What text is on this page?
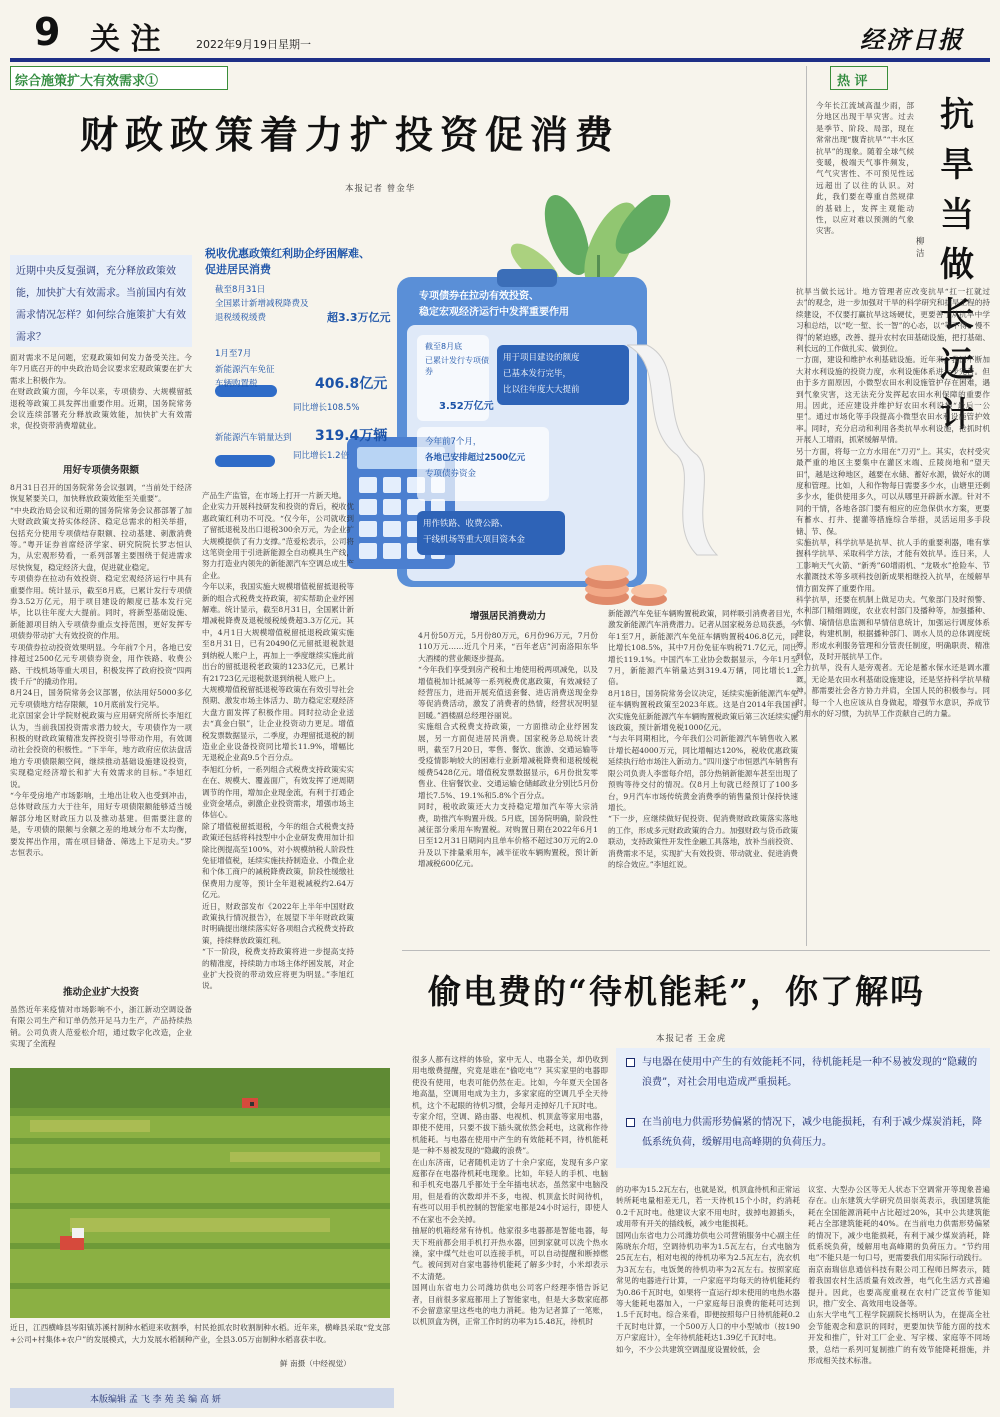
9 关 注	2022年9月19日 星期一	经济日报
综合施策扩大有效需求①
财政政策着力扩投资促消费
本报记者 曾金华
近期中央反复强调，充分释放政策效能，加快扩大有效需求。当前国内有效需求情况怎样？如何综合施策扩大有效需求？
税收优惠政策红利助企纾困解难、
促进居民消费
截至8月31日
全国累计新增减税降费及
退税缓税缓费	超3.3万亿元
1月至7月
新能源汽车免征
车辆购置税	406.8亿元
同比增长108.5%
新能源汽车销量达到 319.4万辆
同比增长1.2倍
专项债券在拉动有效投资、
稳定宏观经济运行中发挥重要作用
截至8月底
已累计发行专项债券
3.52万亿元
用于项目建设的额度
已基本发行完毕，
比以往年度大大提前
今年前7个月，
各地已安排超过2500亿元
专项债券资金
用作铁路、收费公路、
干线机场等重大项目资本金
面对需求不足问题，宏观政策如何发力备受关注。今年7月底召开的中央政治局会议要求宏观政策要在扩大需求上积极作为。
在财政政策方面，今年以来，专项债券、大规模留抵退税等政策工具发挥出重要作用。近期，国务院常务会议连续部署充分释放政策效能，加快扩大有效需求，促投资带消费增就业。
用好专项债务限额
8月31日召开的国务院常务会议强调，“当前处于经济恢复紧要关口，加快释放政策效能至关重要”。
“中央政治局会议和近期的国务院常务会议都部署了加大财政政策支持实体经济、稳定总需求的相关举措，包括充分使用专项债结存限额、拉动基建、刺激消费等。”粤开证券首席经济学家、研究院院长罗志恒认为，从宏观形势看，一系列部署主要围绕于促进需求尽快恢复，稳定经济大盘，促进就业稳定。
专项债券在拉动有效投资、稳定宏观经济运行中具有重要作用。统计显示，截至8月底，已累计发行专项债券3.52万亿元，用于项目建设的额度已基本发行完毕，比以往年度大大提前。同时，将新型基础设施、新能源项目纳入专项债券重点支持范围，更好发挥专项债券带动扩大有效投资的作用。
专项债券拉动投资效果明显。今年前7个月，各地已安排超过2500亿元专项债券资金，用作铁路、收费公路、干线机场等重大项目，积极发挥了政府投资“四两拨千斤”的撬动作用。
8月24日，国务院常务会议部署，依法用好5000多亿元专项债地方结存限额，10月底前发行完毕。
北京国家会计学院财税政策与应用研究所所长李旭红认为，当前我国投资需求潜力较大，专项债作为一项积极的财政政策精准发挥投资引导带动作用，有效调动社会投资的积极性。“下半年，地方政府应依法盘活地方专项债限额空间，继续推动基础设施建设投资，实现稳定经济增长和扩大有效需求的目标。”李旭红说。
“今年受房地产市场影响，土地出让收入也受到冲击，总体财政压力大于往年，用好专项债限额能够适当缓解部分地区财政压力以及推动基建。但需要注意的是，专项债的限额与余额之差的地域分布不太均衡，要发挥出作用，需在项目储备、筛选上下足功夫。”罗志恒表示。
推动企业扩大投资
虽然近年来疫情对市场影响不小，浙江新动空调设备有限公司生产和订单仍然开足马力生产，产品持续热销。公司负责人范爱松介绍，通过数字化改造，企业实现了全流程
产品生产监管，在市场上打开一片新天地。
企业实力开展科技研发和投资的背后，税收优惠政策红利功不可没。“仅今年，公司就收到了留抵退税及出口退税300余万元，为企业扩大规模提供了有力支撑。”范爱松表示，公司将这笔资金用于引进新能源全自动模具生产线，努力打造业内领先的新能源汽车空调总成生产企业。
今年以来，我国实施大规模增值税留抵退税等新的组合式税费支持政策，初实帮助企业纾困解难。统计显示，截至8月31日，全国累计新增减税降费及退税缓税缓费超3.3万亿元。其中，4月1日大规模增值税留抵退税政策实施至8月31日，已有20490亿元留抵退税款退到纳税人账户上，再加上一季度继续实施此前出台的留抵退税老政策的1233亿元，已累计有21723亿元退税款退到纳税人账户上。
大规模增值税留抵退税等政策在有效引导社会预期、激发市场主体活力、助力稳定宏观经济大盘方面发挥了积极作用。同时拉动企业送去“真金白银”，让企业投资动力更足。增值税发票数据显示，二季度，办理留抵退税的制造业企业设备投资同比增长11.9%，增幅比无退税企业高9.5个百分点。
李旭红分析，一系列组合式税费支持政策实实在在、规模大、覆盖面广，有效发挥了逆周期调节的作用，增加企业现金流，有利于打通企业资金堵点，刺激企业投资需求，增强市场主体信心。
除了增值税留抵退税，今年的组合式税费支持政策还包括将科技型中小企业研发费用加计扣除比例提高至100%，对小规模纳税人阶段性免征增值税，延续实施扶持制造业、小微企业和个体工商户的减税降费政策，阶段性缓缴社保费用力度等，预计全年退税减税约2.64万亿元。
近日，财政部发布《2022年上半年中国财政政策执行情况报告》，在展望下半年财政政策时明确提出继续落实好各项组合式税费支持政策，持续释放政策红利。
“下一阶段，税费支持政策将进一步提高支持的精准度，持续助力市场主体纾困发展，对企业扩大投资的带动效应将更为明显。”李旭红说。
增强居民消费动力
4月份50万元，5月份80万元，6月份96万元，7月份110万元……近几个月来，“百年老店”河南洛阳东华大酒楼的营业额逐步提高。
“今年我们享受到房产税和土地使用税两项减免，以及增值税加计抵减等一系列税费优惠政策，有效减轻了经营压力，进而开展充值送套餐、进店消费送现金券等促消费活动，激发了消费者的热情，经营状况明显回暖。”酒楼副总经理谷丽说。
实施组合式税费支持政策，一方面推动企业纾困发展，另一方面促进居民消费。国家税务总局统计表明，截至7月20日，零售、餐饮、旅游、交通运输等受疫情影响较大的困难行业新增减税降费和退税缓税缓费5428亿元。增值税发票数据显示，6月份批发零售业、住宿餐饮业、交通运输仓储邮政业分别比5月份增长7.5%、19.1%和5.8%个百分点。
同时，税收政策还大力支持稳定增加汽车等大宗消费，助推汽车购置升级。5月底，国务院明确，阶段性减征部分乘用车购置税。对购置日期在2022年6月1日至12月31日期间内且单车价格不超过30万元的2.0升及以下排量乘用车，减半征收车辆购置税，预计新增减税600亿元。
新能源汽车免征车辆购置税政策，同样吸引消费者目光，激发新能源汽车消费潜力。记者从国家税务总局获悉，今年1至7月，新能源汽车免征车辆购置税406.8亿元，同比增长108.5%，其中7月份免征车购税71.7亿元，同比增长119.1%。中国汽车工业协会数据显示，今年1月至7月，新能源汽车销量达到319.4万辆，同比增长1.2倍。
8月18日，国务院常务会议决定，延续实施新能源汽车免征车辆购置税政策至2023年底。这是自2014年我国首次实施免征新能源汽车车辆购置税政策后第三次延续实施该政策，预计新增免税1000亿元。
“与去年同期相比，今年我们公司新能源汽车销售收入累计增长超4000万元，同比增幅达120%，税收优惠政策延续执行给市场注入新动力。”四川遂宁市恒恩汽车销售有限公司负责人李雷每介绍，部分热销新能源车甚至出现了预购等待交付的情况。仅8月上旬就已经预订了100多台，9月汽车市场传统黄金消费季的销售量预计保持快速增长。
“下一步，应继续做好促投资、促消费财政政策落实落地的工作，形成多元财政政策的合力。加强财政与货币政策联动，支持政策性开发性金融工具落地，放补当前投资、消费需求不足，实现扩大有效投资、带动就业、促进消费的综合效应。”李旭红说。
近日，江西横峰县岑阳镇苏溪村制种水稻迎来收割季，村民抢抓农时收割制种水稻。近年来，横峰县采取“党支部+公司+村集体+农户”的发展模式，大力发展水稻制种产业，全县3.05万亩制种水稻喜获丰收。
鲜 南摄（中经视觉）
本版编辑 孟 飞 李 苑 美 编 高 妍
热 评
抗旱当做长远计
柳 洁
今年长江流域高温少雨，部分地区出现干旱灾害。过去是季节、阶段、局部，现在常常出现“腹背抗旱”“丰水区抗旱”的现象。随着全球气候变暖，极端天气事件频发，气气灾害性、不可预见性远远超出了以往的认识。对此，我们要在尊重自然规律的基础上，发挥主观能动性，以应对难以预测的气象灾害。
抗旱当做长远计。地方管理者应改变抗旱“扛一扛就过去”的观念，进一步加强对干旱的科学研究和抗旱工程的持续建设，不仅要打赢抗旱这场硬仗，更要善于从抗旱中学习和总结，以“吃一堑、长一智”的心态，以“等不得、慢不得”的紧迫感，改善、提升农村农田基础设施，把打基础、利长远的工作做扎实、做到位。
一方面，建设和维护水利基础设施。近年来，我国不断加大对水利设施的投资力度，水利设施体系进一步完善。但由于多方面原因，小微型农田水利设施管护存在困难，遇到气象灾害，这无法充分发挥起农田水利保障的重要作用。因此，还应建设并维护好农田水利设施“最后一公里”。通过市场化等手段提高小微型农田水利设施管护效率。同时，充分启动和利用各类抗旱水利设施，抢抓时机开展人工增雨，抓紧缓解旱情。
另一方面，将每一立方水用在“刀刃”上。其实，农村受灾最严重的地区主要集中在灌区末端、丘陵岗地和“望天田”，越是这种地区，越要在水储、蓄好水源，做好水的调度和管理。比如，人和作物每日需要多少水，山塘里还剩多少水，能供使用多久，可以从哪里开辟新水源。针对不同的干情，各地各部门要有相应的应急保供水方案，更要有蓄水、打井、提灌等措施综合举措，灵活运用多手段储、节、保。
实施抗旱，科学抗旱是抗旱、抗人手的重要利器，唯有掌握科学抗旱、采取科学方法，才能有效抗旱。连日来，人工影响天气火箭、“新秀”60增雨机、“龙吸水”抢险车、节水灌溉技术等多项科技创新成果相继投入抗旱，在缓解旱情方面发挥了重要作用。
科学抗旱，还要在机制上做足功夫。气象部门及时预警、水利部门精细调度，农业农村部门及播种等，加强播种、水情、墒情信息监测和早情信息统计，加强运行调度体系建设，构建机制，根据播种部门、调水人员的总体调度统筹，形成水利服务管理和分管责任制度，明确职责、精准到位，及时开展抗旱工作。
全力抗旱，没有人是旁观者。无论是蓄水保水还是调水灌溉，无论是农田水利基础设施建设，还是坚持科学抗旱精神，都需要社会各方协力并肩，全国人民的积极参与。同时，每一个人也应该从自身做起，增强节水意识，养成节约用水的好习惯，为抗旱工作贡献自己的力量。
偷电费的“待机能耗”，你了解吗
本报记者 王金虎
与电器在使用中产生的有效能耗不同，待机能耗是一种不易被发现的“隐藏的浪费”，对社会用电造成严重损耗。
在当前电力供需形势偏紧的情况下，减少电能损耗，有利于减少煤炭消耗，降低系统负荷，缓解用电高峰期的负荷压力。
很多人都有这样的体验，家中无人、电器全关，却仍收到用电缴费提醒，究竟是谁在“偷吃电”？其实家里的电器即使没有使用，电表可能仍然在走。比如，今年夏天全国各地高温，空调用电成为主力，多家家庭的空调几乎全天待机，这个不起眼的待机习惯，会每月走掉好几千瓦时电。
专家介绍，空调、路由器、电视机、机顶盒等家用电器，即使不使用，只要不拔下插头就依然会耗电，这就称作待机能耗。与电器在使用中产生的有效能耗不同，待机能耗是一种不易被发现的“隐藏的浪费”。
在山东济南，记者随机走访了十余户家庭，发现有多户家庭都存在电器待机耗电现象。比如，年轻人的手机、电脑和手机充电器几乎都处于全年插电状态，虽然家中电脑没用，但是看的次数却并不多，电视、机顶盒长时间待机，有些可以用手机控制的智能家电都是24小时运行，即使人不在家也不会关掉。
抽屉的机箱经常有待机。他家很多电器都是智能电器，每天下班前都会用手机打开热水器，回到家就可以洗个热水澡，家中煤气灶也可以连接手机，可以自动提醒和断掉燃气。被问到对自家电器待机能耗了解多少时，小米却表示不太清楚。
国网山东省电力公司潍坊供电公司客户经理李惜告诉记者，目前很多家庭都用上了智能家电，但是大多数家庭都不会留意家里这些电的电力消耗。他为记者算了一笔账，以机顶盒为例，正常工作时的功率为15.48瓦，待机时
的功率为15.2瓦左右，也就是说，机顶盒待机和正常运转所耗电量相差无几，若一天待机15个小时，约消耗0.2千瓦时电。他建议大家不用电时，拔掉电源插头，或用带有开关的插线板，减少电能损耗。
国网山东省电力公司潍坊供电公司营销服务中心副主任陈晓东介绍，空调待机功率为1.5瓦左右，台式电脑为25瓦左右，相对电视的待机功率为2.5瓦左右，洗衣机为3瓦左右，电饭煲的待机功率为2瓦左右。按照家庭常见的电器进行计算，一户家庭平均每天的待机能耗约为0.86千瓦时电，如果将一直运行却未使用的电热水器等大能耗电器加入，一户家庭每日浪费的能耗可达到1.5千瓦时电。综合来看，即便按照每户日待机能耗0.2千瓦时电计算，一个500万人口的中小型城市（按190万户家庭计），全年待机能耗达1.39亿千瓦时电。
如今，不少公共建筑空调温度设置较低，会
议室、大型办公区等无人状态下空调常开等现象普遍存在。山东建筑大学研究员田崇英表示，我国建筑能耗在全国能源消耗中占比超过20%，其中公共建筑能耗占全部建筑能耗的40%。在当前电力供需形势偏紧的情况下，减少电能损耗，有利于减少煤炭消耗，降低系统负荷，缓解用电高峰期的负荷压力。“节约用电”不能只是一句口号，更需要我们用实际行动践行。
南京南瑞信息通信科技有限公司工程师吕辉表示，随着我国农村生活质量有效改善，电气化生活方式普遍提升。因此，也要高度重视在农村广泛宣传节能知识，推广安全、高效用电设备等。
山东大学电气工程学院副院长杨明认为，在提高全社会节能观念和意识的同时，更要加快节能方面的技术开发和推广，针对工厂企业、写字楼、家庭等不同场景，总结一系列可复制推广的有效节能降耗措施，并形成相关技术标准。
